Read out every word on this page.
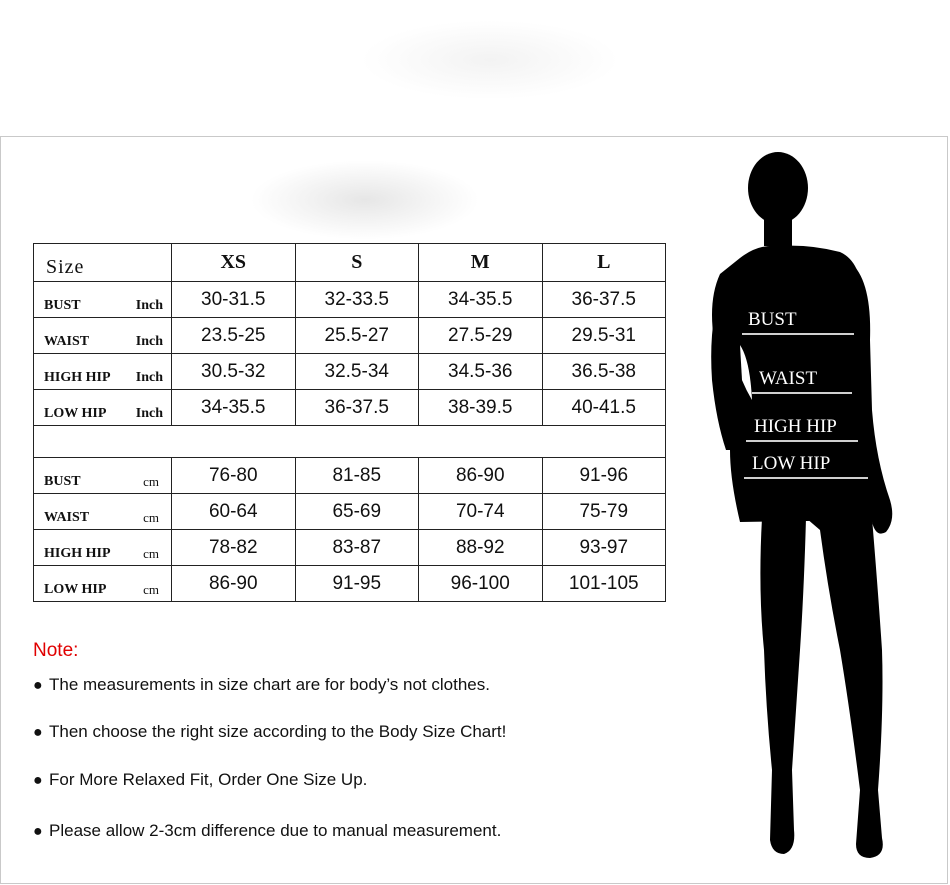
Size	XS	S	M	L

BUST Inch	30-31.5	32-33.5	34-35.5	36-37.5

WAIST Inch	23.5-25	25.5-27	27.5-29	29.5-31

HIGH HIP Inch	30.5-32	32.5-34	34.5-36	36.5-38

LOW HIP Inch	34-35.5	36-37.5	38-39.5	40-41.5

BUST cm	76-80	81-85	86-90	91-96

WAIST cm	60-64	65-69	70-74	75-79

HIGH HIP cm	78-82	83-87	88-92	93-97

LOW HIP cm	86-90	91-95	96-100	101-105
Note:
● The measurements in size chart are for body’s not clothes.
● Then choose the right size according to the Body Size Chart!
● For More Relaxed Fit, Order One Size Up.
● Please allow 2-3cm difference due to manual measurement.
BUST
WAIST
HIGH HIP
LOW HIP
